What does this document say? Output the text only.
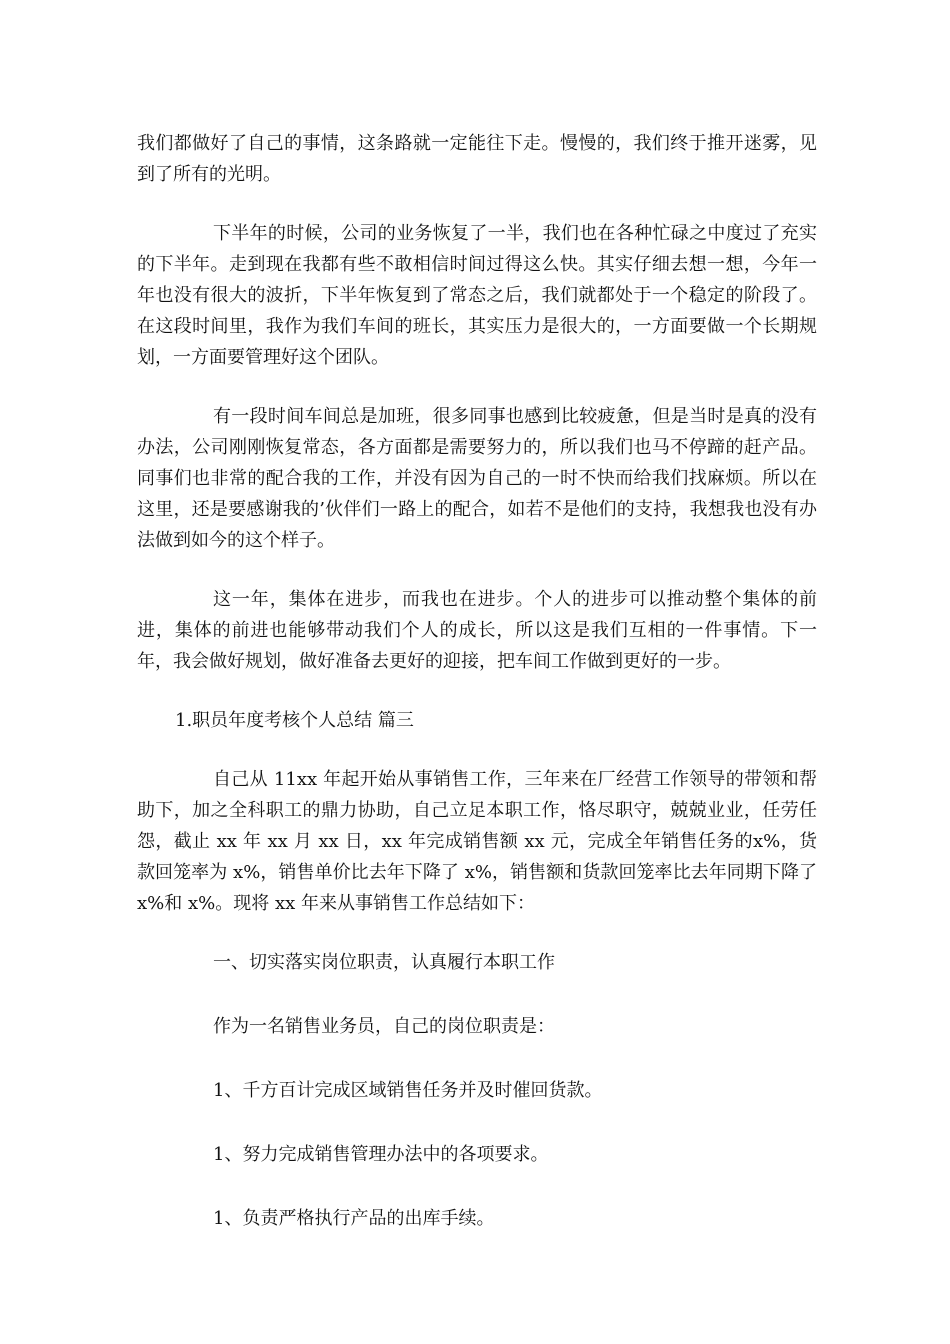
我们都做好了自己的事情，这条路就一定能往下走。慢慢的，我们终于推开迷雾，见到了所有的光明。

下半年的时候，公司的业务恢复了一半，我们也在各种忙碌之中度过了充实的下半年。走到现在我都有些不敢相信时间过得这么快。其实仔细去想一想，今年一年也没有很大的波折，下半年恢复到了常态之后，我们就都处于一个稳定的阶段了。在这段时间里，我作为我们车间的班长，其实压力是很大的，一方面要做一个长期规划，一方面要管理好这个团队。

有一段时间车间总是加班，很多同事也感到比较疲惫，但是当时是真的没有办法，公司刚刚恢复常态，各方面都是需要努力的，所以我们也马不停蹄的赶产品。同事们也非常的配合我的工作，并没有因为自己的一时不快而给我们找麻烦。所以在这里，还是要感谢我的’伙伴们一路上的配合，如若不是他们的支持，我想我也没有办法做到如今的这个样子。

这一年，集体在进步，而我也在进步。个人的进步可以推动整个集体的前进，集体的前进也能够带动我们个人的成长，所以这是我们互相的一件事情。下一年，我会做好规划，做好准备去更好的迎接，把车间工作做到更好的一步。

1.职员年度考核个人总结 篇三

自己从 11xx 年起开始从事销售工作，三年来在厂经营工作领导的带领和帮助下，加之全科职工的鼎力协助，自己立足本职工作，恪尽职守，兢兢业业，任劳任怨，截止 xx 年 xx 月 xx 日，xx 年完成销售额 xx 元，完成全年销售任务的x%，货款回笼率为 x%，销售单价比去年下降了 x%，销售额和货款回笼率比去年同期下降了 x%和 x%。现将 xx 年来从事销售工作总结如下：

一、切实落实岗位职责，认真履行本职工作

作为一名销售业务员，自己的岗位职责是：

1、千方百计完成区域销售任务并及时催回货款。

1、努力完成销售管理办法中的各项要求。

1、负责严格执行产品的出库手续。
